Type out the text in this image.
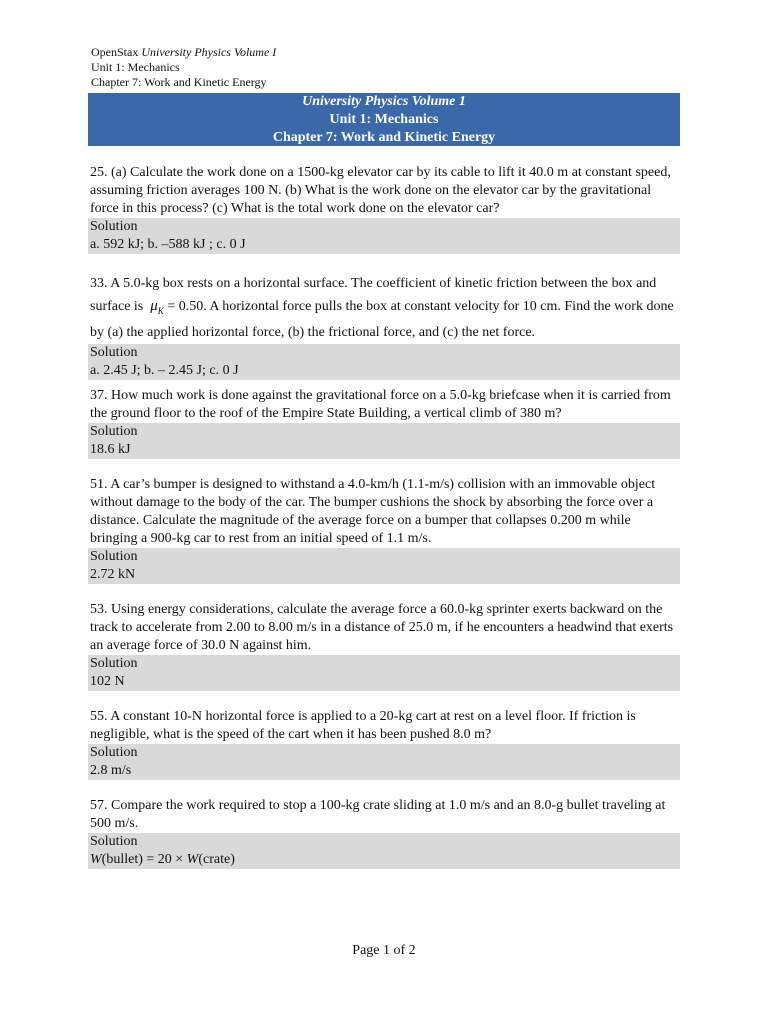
OpenStax University Physics Volume I
Unit 1: Mechanics
Chapter 7: Work and Kinetic Energy
University Physics Volume 1
Unit 1: Mechanics
Chapter 7: Work and Kinetic Energy
25. (a) Calculate the work done on a 1500-kg elevator car by its cable to lift it 40.0 m at constant speed, assuming friction averages 100 N. (b) What is the work done on the elevator car by the gravitational force in this process? (c) What is the total work done on the elevator car?
Solution
a. 592 kJ; b. –588 kJ ; c. 0 J
33. A 5.0-kg box rests on a horizontal surface. The coefficient of kinetic friction between the box and surface is $\mu_K = 0.50$. A horizontal force pulls the box at constant velocity for 10 cm. Find the work done by (a) the applied horizontal force, (b) the frictional force, and (c) the net force.
Solution
a. 2.45 J; b. – 2.45 J; c. 0 J
37. How much work is done against the gravitational force on a 5.0-kg briefcase when it is carried from the ground floor to the roof of the Empire State Building, a vertical climb of 380 m?
Solution
18.6 kJ
51. A car’s bumper is designed to withstand a 4.0-km/h (1.1-m/s) collision with an immovable object without damage to the body of the car. The bumper cushions the shock by absorbing the force over a distance. Calculate the magnitude of the average force on a bumper that collapses 0.200 m while bringing a 900-kg car to rest from an initial speed of 1.1 m/s.
Solution
2.72 kN
53. Using energy considerations, calculate the average force a 60.0-kg sprinter exerts backward on the track to accelerate from 2.00 to 8.00 m/s in a distance of 25.0 m, if he encounters a headwind that exerts an average force of 30.0 N against him.
Solution
102 N
55. A constant 10-N horizontal force is applied to a 20-kg cart at rest on a level floor. If friction is negligible, what is the speed of the cart when it has been pushed 8.0 m?
Solution
2.8 m/s
57. Compare the work required to stop a 100-kg crate sliding at 1.0 m/s and an 8.0-g bullet traveling at 500 m/s.
Solution
W(bullet) = 20 × W(crate)
Page 1 of 2
